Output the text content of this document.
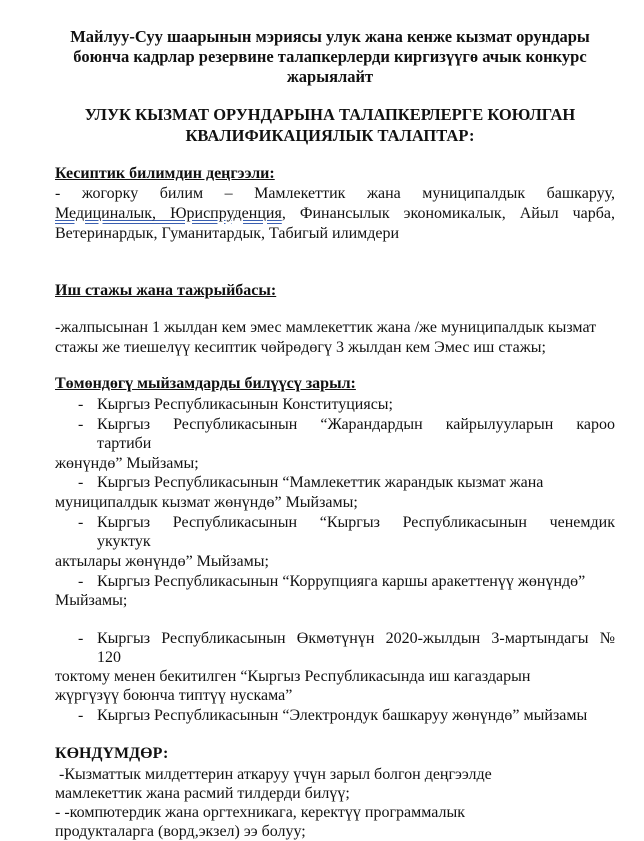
Майлуу-Суу шаарынын мэриясы улук жана кенже кызмат орундары боюнча кадрлар резервине талапкерлерди киргизүүгө ачык конкурс жарыялайт
УЛУК КЫЗМАТ ОРУНДАРЫНА ТАЛАПКЕРЛЕРГЕ КОЮЛГАН КВАЛИФИКАЦИЯЛЫК ТАЛАПТАР:
Кесиптик билимдин деңгээли:
- жогорку билим – Мамлекеттик жана муниципалдык башкаруу,
Медициналык, Юриспруденция, Финансылык экономикалык, Айыл чарба,
Ветеринардык, Гуманитардык, Табигый илимдери
Иш стажы жана тажрыйбасы:
-жалпысынан 1 жылдан кем эмес мамлекеттик жана /же муниципалдык кызмат
стажы же тиешелүү кесиптик чөйрөдөгү 3 жылдан кем Эмес иш стажы;
Төмөндөгү мыйзамдарды билүүсү зарыл:
- Кыргыз Республикасынын Конституциясы;
- Кыргыз Республикасынын “Жарандардын кайрылууларын карoo
тартиби
жөнүндө” Мыйзамы;
- Кыргыз Республикасынын “Мамлекеттик жарандык кызмат жана
муниципалдык кызмат жөнүндө” Мыйзамы;
- Кыргыз Республикасынын “Кыргыз Республикасынын ченемдик
укуктук
актылары жөнүндө” Мыйзамы;
- Кыргыз Республикасынын “Коррупцияга каршы аракеттенүү жөнүндө”
Мыйзамы;
- Кыргыз Республикасынын Өкмөтүнүн 2020-жылдын 3-мартындагы №
120
токтому менен бекитилген “Кыргыз Республикасында иш кагаздарын
жүргүзүү боюнча типтүү нускама”
- Кыргыз Республикасынын “Электрондук башкаруу жөнүндө” мыйзамы
КӨНДҮМДӨР:
-Кызматтык милдеттерин аткаруу үчүн зарыл болгон деңгээлде
мамлекеттик жана расмий тилдерди билүү;
- -компютердик жана оргтехникага, керектүү программалык
продукталарга (ворд,экзел) ээ болуу;
